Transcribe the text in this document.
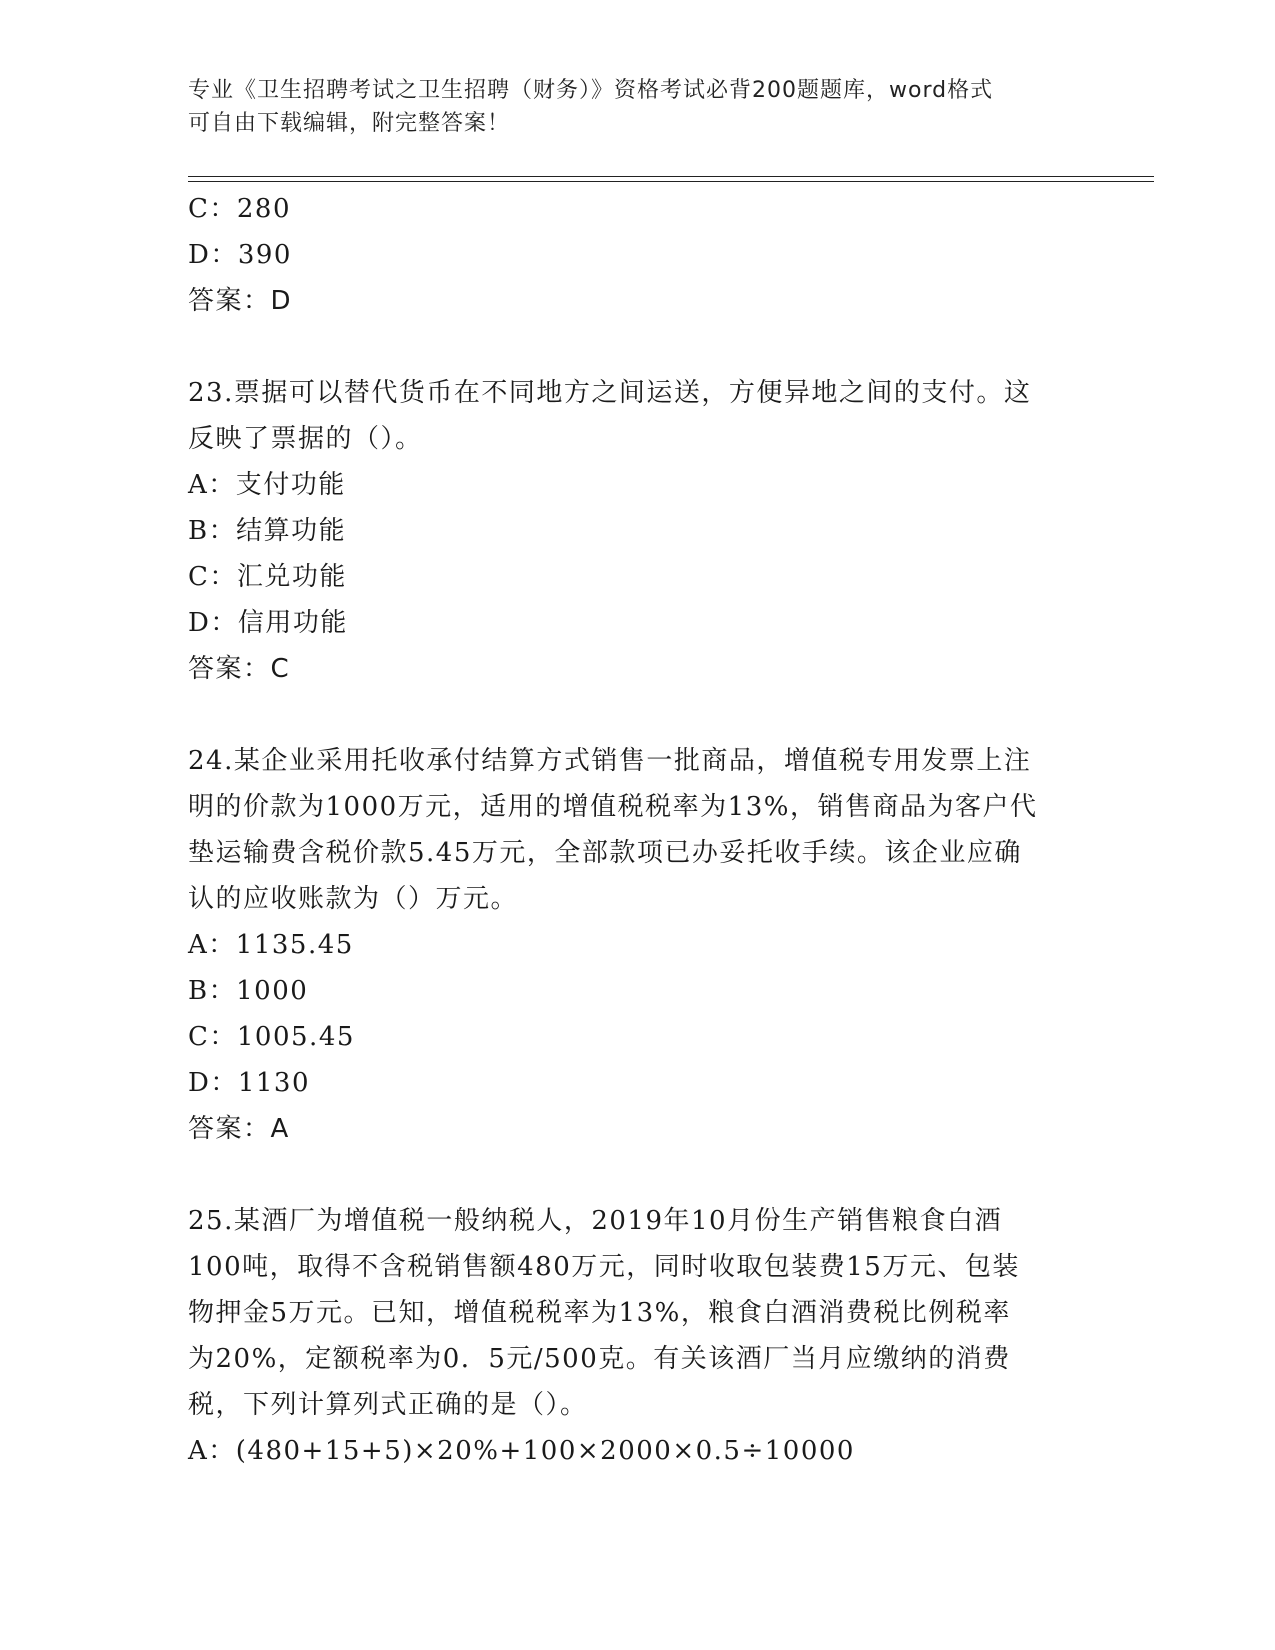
专业《卫生招聘考试之卫生招聘（财务）》资格考试必背200题题库，word格式
可自由下载编辑，附完整答案！
C：280
D：390
答案：D
23.票据可以替代货币在不同地方之间运送，方便异地之间的支付。这
反映了票据的（）。
A：支付功能
B：结算功能
C：汇兑功能
D：信用功能
答案：C
24.某企业采用托收承付结算方式销售一批商品，增值税专用发票上注
明的价款为1000万元，适用的增值税税率为13%，销售商品为客户代
垫运输费含税价款5.45万元，全部款项已办妥托收手续。该企业应确
认的应收账款为（）万元。
A：1135.45
B：1000
C：1005.45
D：1130
答案：A
25.某酒厂为增值税一般纳税人，2019年10月份生产销售粮食白酒
100吨，取得不含税销售额480万元，同时收取包装费15万元、包装
物押金5万元。已知，增值税税率为13%，粮食白酒消费税比例税率
为20%，定额税率为0．5元/500克。有关该酒厂当月应缴纳的消费
税，下列计算列式正确的是（）。
A：(480+15+5)×20%+100×2000×0.5÷10000
